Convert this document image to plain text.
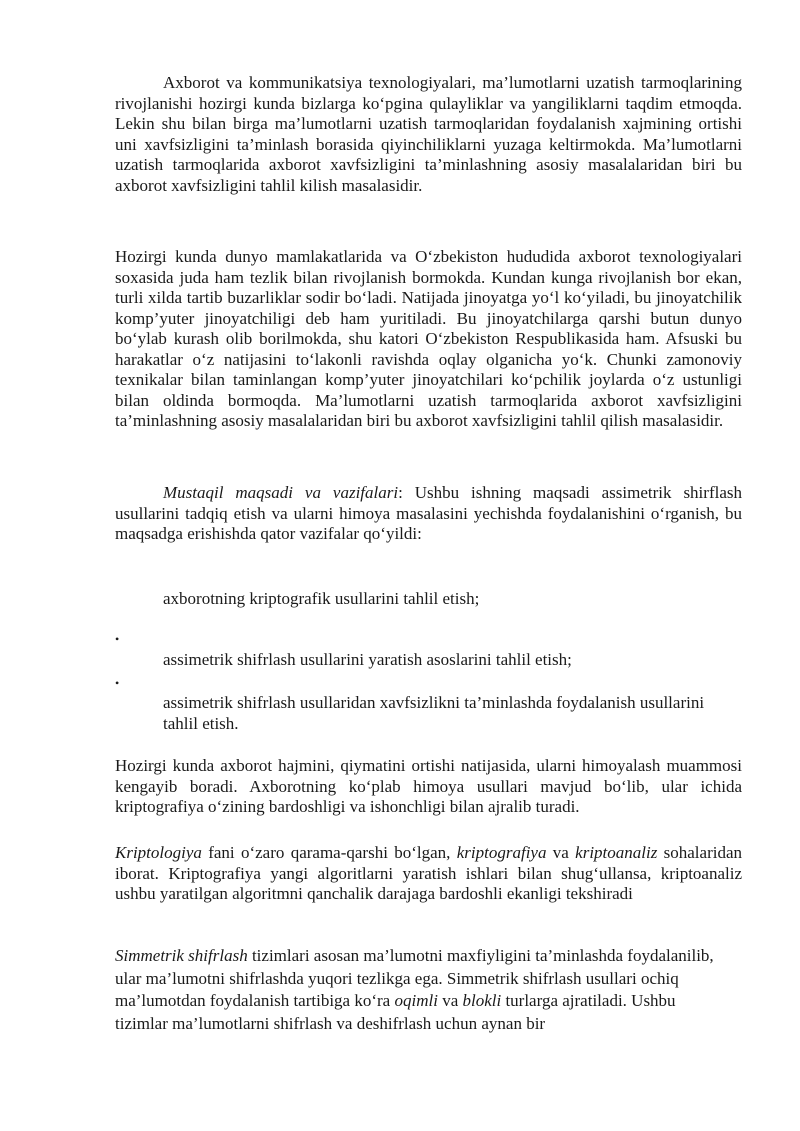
Axborot va kommunikatsiya texnologiyalari, ma’lumotlarni uzatish tarmoqlarining rivojlanishi hozirgi kunda bizlarga ko‘pgina qulayliklar va yangiliklarni taqdim etmoqda. Lekin shu bilan birga ma’lumotlarni uzatish tarmoqlaridan foydalanish xajmining ortishi uni xavfsizligini ta’minlash borasida qiyinchiliklarni yuzaga keltirmokda. Ma’lumotlarni uzatish tarmoqlarida axborot xavfsizligini ta’minlashning asosiy masalalaridan biri bu axborot xavfsizligini tahlil kilish masalasidir.

Hozirgi kunda dunyo mamlakatlarida va O‘zbekiston hududida axborot texnologiyalari soxasida juda ham tezlik bilan rivojlanish bormokda. Kundan kunga rivojlanish bor ekan, turli xilda tartib buzarliklar sodir bo‘ladi. Natijada jinoyatga yo‘l ko‘yiladi, bu jinoyatchilik komp’yuter jinoyatchiligi deb ham yuritiladi. Bu jinoyatchilarga qarshi butun dunyo bo‘ylab kurash olib borilmokda, shu katori O‘zbekiston Respublikasida ham. Afsuski bu harakatlar o‘z natijasini to‘lakonli ravishda oqlay olganicha yo‘k. Chunki zamonoviy texnikalar bilan taminlangan komp’yuter jinoyatchilari ko‘pchilik joylarda o‘z ustunligi bilan oldinda bormoqda. Ma’lumotlarni uzatish tarmoqlarida axborot xavfsizligini ta’minlashning asosiy masalalaridan biri bu axborot xavfsizligini tahlil qilish masalasidir.

Mustaqil maqsadi va vazifalari: Ushbu ishning maqsadi assimetrik shirflash usullarini tadqiq etish va ularni himoya masalasini yechishda foydalanishini o‘rganish, bu maqsadga erishishda qator vazifalar qo‘yildi:

axborotning kriptografik usullarini tahlil etish;

•

assimetrik shifrlash usullarini yaratish asoslarini tahlil etish;

•

assimetrik shifrlash usullaridan xavfsizlikni ta’minlashda foydalanish usullarini tahlil etish.

Hozirgi kunda axborot hajmini, qiymatini ortishi natijasida, ularni himoyalash muammosi kengayib boradi. Axborotning ko‘plab himoya usullari mavjud bo‘lib, ular ichida kriptografiya o‘zining bardoshligi va ishonchligi bilan ajralib turadi.

Kriptologiya fani o‘zaro qarama-qarshi bo‘lgan, kriptografiya va kriptoanaliz sohalaridan iborat. Kriptografiya yangi algoritlarni yaratish ishlari bilan shug‘ullansa, kriptoanaliz ushbu yaratilgan algoritmni qanchalik darajaga bardoshli ekanligi tekshiradi

Simmetrik shifrlash tizimlari asosan ma’lumotni maxfiyligini ta’minlashda foydalanilib, ular ma’lumotni shifrlashda yuqori tezlikga ega. Simmetrik shifrlash usullari ochiq ma’lumotdan foydalanish tartibiga ko‘ra oqimli va blokli turlarga ajratiladi. Ushbu tizimlar ma’lumotlarni shifrlash va deshifrlash uchun aynan bir
